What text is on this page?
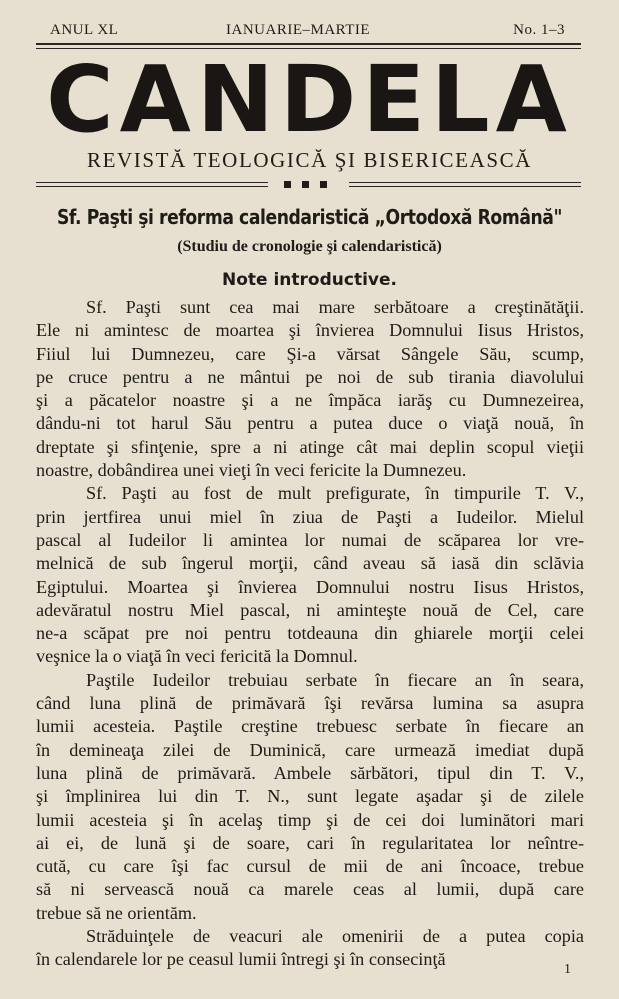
ANUL XL	IANUARIE–MARTIE	No. 1–3
CANDELA
REVISTĂ TEOLOGICĂ ŞI BISERICEASCĂ
Sf. Paşti şi reforma calendaristică „Ortodoxă Română"
(Studiu de cronologie şi calendaristică)
Note introductive.
Sf. Paşti sunt cea mai mare serbătoare a creştinătăţii.
Ele ni amintesc de moartea şi învierea Domnului Iisus Hristos,
Fiiul lui Dumnezeu, care Şi-a vărsat Sângele Său, scump,
pe cruce pentru a ne mântui pe noi de sub tirania diavolului
şi a păcatelor noastre şi a ne împăca iarăş cu Dumnezeirea,
dându-ni tot harul Său pentru a putea duce o viaţă nouă, în
dreptate şi sfinţenie, spre a ni atinge cât mai deplin scopul vieţii
noastre, dobândirea unei vieţi în veci fericite la Dumnezeu.
Sf. Paşti au fost de mult prefigurate, în timpurile T. V.,
prin jertfirea unui miel în ziua de Paşti a Iudeilor. Mielul
pascal al Iudeilor li amintea lor numai de scăparea lor vre-
melnică de sub îngerul morţii, când aveau să iasă din sclăvia
Egiptului. Moartea şi învierea Domnului nostru Iisus Hristos,
adevăratul nostru Miel pascal, ni aminteşte nouă de Cel, care
ne-a scăpat pre noi pentru totdeauna din ghiarele morţii celei
veşnice la o viaţă în veci fericită la Domnul.
Paştile Iudeilor trebuiau serbate în fiecare an în seara,
când luna plină de primăvară îşi revărsa lumina sa asupra
lumii acesteia. Paştile creştine trebuesc serbate în fiecare an
în demineaţa zilei de Duminică, care urmează imediat după
luna plină de primăvară. Ambele sărbători, tipul din T. V.,
şi împlinirea lui din T. N., sunt legate aşadar şi de zilele
lumii acesteia şi în acelaş timp şi de cei doi luminători mari
ai ei, de lună şi de soare, cari în regularitatea lor neîntre-
cută, cu care îşi fac cursul de mii de ani încoace, trebue
să ni servească nouă ca marele ceas al lumii, după care
trebue să ne orientăm.
Străduinţele de veacuri ale omenirii de a putea copia
în calendarele lor pe ceasul lumii întregi şi în consecinţă
1
